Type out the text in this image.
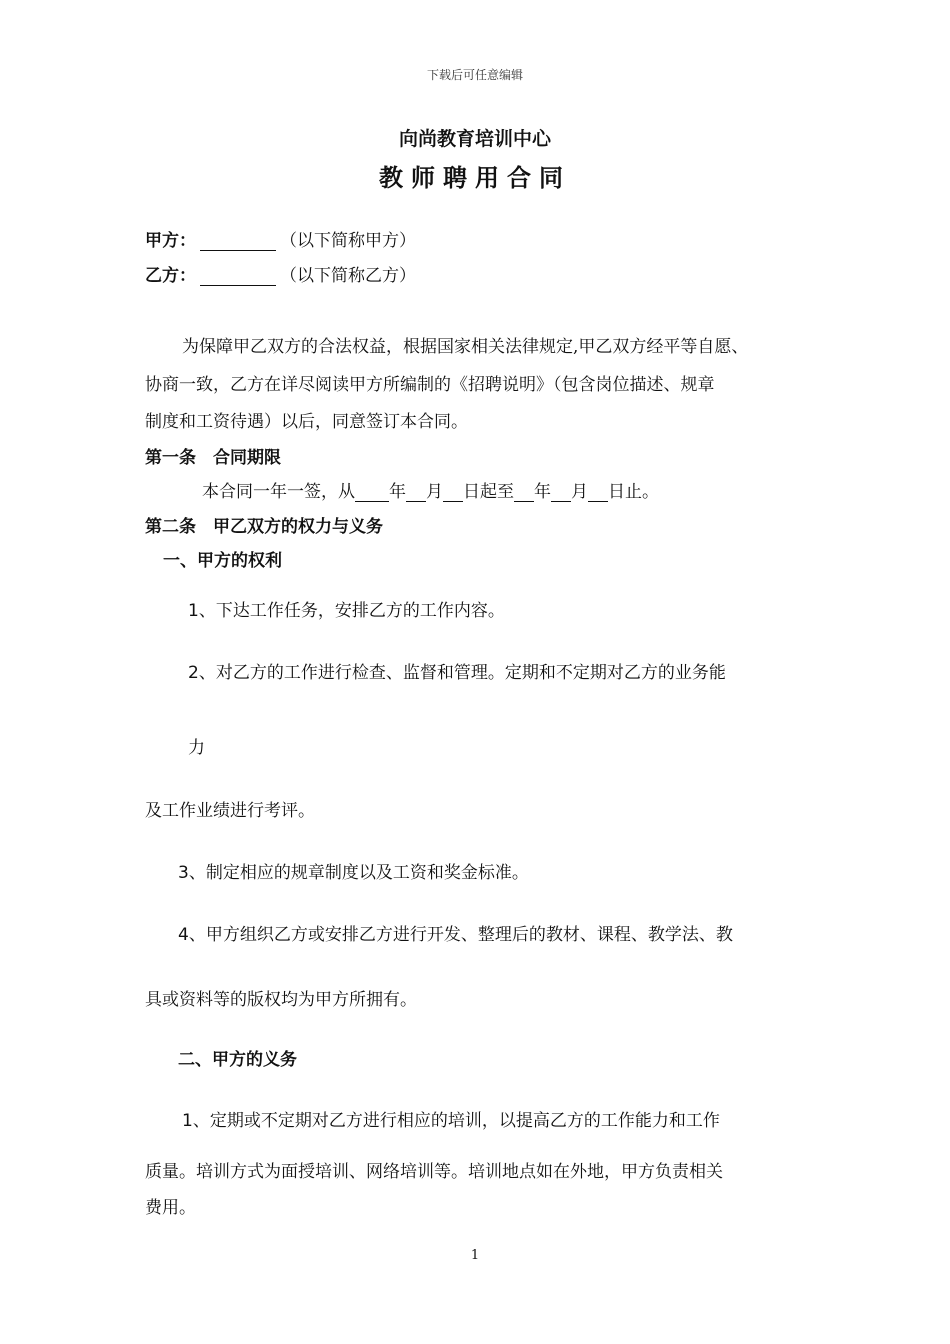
下载后可任意编辑
向尚教育培训中心
教师聘用合同
甲方：	（以下简称甲方）
乙方：	（以下简称乙方）
为保障甲乙双方的合法权益，根据国家相关法律规定,甲乙双方经平等自愿、
协商一致，乙方在详尽阅读甲方所编制的《招聘说明》（包含岗位描述、规章
制度和工资待遇）以后，同意签订本合同。
第一条　合同期限
本合同一年一签，从 年 月 日起至 年 月 日止。
第二条　甲乙双方的权力与义务
一、甲方的权利
1、下达工作任务，安排乙方的工作内容。
2、对乙方的工作进行检查、监督和管理。定期和不定期对乙方的业务能
力
及工作业绩进行考评。
3、制定相应的规章制度以及工资和奖金标准。
4、甲方组织乙方或安排乙方进行开发、整理后的教材、课程、教学法、教
具或资料等的版权均为甲方所拥有。
二、甲方的义务
1、定期或不定期对乙方进行相应的培训，以提高乙方的工作能力和工作
质量。培训方式为面授培训、网络培训等。培训地点如在外地，甲方负责相关
费用。
1
